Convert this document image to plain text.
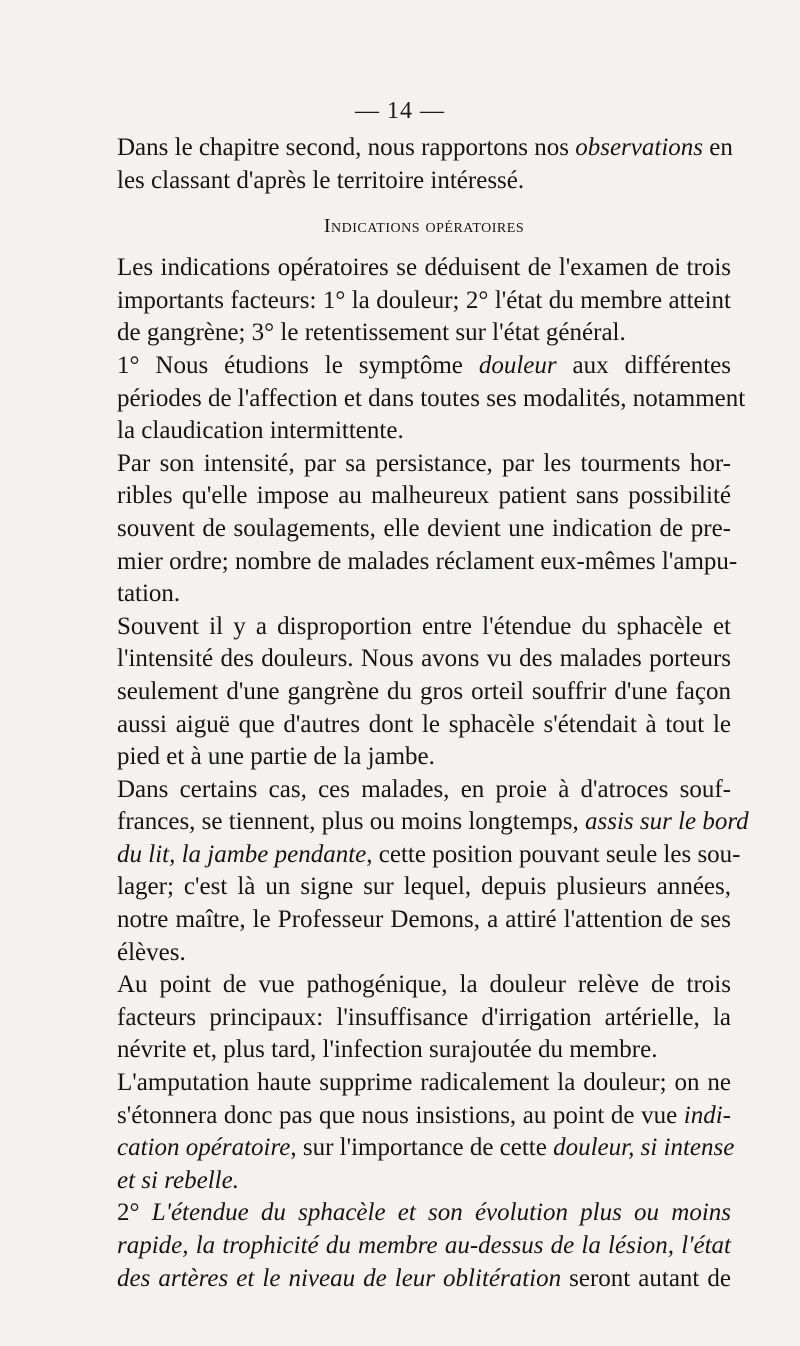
— 14 —

Dans le chapitre second, nous rapportons nos observations en
les classant d'après le territoire intéressé.

Indications opératoires

Les indications opératoires se déduisent de l'examen de trois
importants facteurs: 1° la douleur; 2° l'état du membre atteint
de gangrène; 3° le retentissement sur l'état général.

1° Nous étudions le symptôme douleur aux différentes
périodes de l'affection et dans toutes ses modalités, notamment
la claudication intermittente.

Par son intensité, par sa persistance, par les tourments hor-
ribles qu'elle impose au malheureux patient sans possibilité
souvent de soulagements, elle devient une indication de pre-
mier ordre; nombre de malades réclament eux-mêmes l'ampu-
tation.

Souvent il y a disproportion entre l'étendue du sphacèle et
l'intensité des douleurs. Nous avons vu des malades porteurs
seulement d'une gangrène du gros orteil souffrir d'une façon
aussi aiguë que d'autres dont le sphacèle s'étendait à tout le
pied et à une partie de la jambe.

Dans certains cas, ces malades, en proie à d'atroces souf-
frances, se tiennent, plus ou moins longtemps, assis sur le bord
du lit, la jambe pendante, cette position pouvant seule les sou-
lager; c'est là un signe sur lequel, depuis plusieurs années,
notre maître, le Professeur Demons, a attiré l'attention de ses
élèves.

Au point de vue pathogénique, la douleur relève de trois
facteurs principaux: l'insuffisance d'irrigation artérielle, la
névrite et, plus tard, l'infection surajoutée du membre.

L'amputation haute supprime radicalement la douleur; on ne
s'étonnera donc pas que nous insistions, au point de vue indi-
cation opératoire, sur l'importance de cette douleur, si intense
et si rebelle.

2° L'étendue du sphacèle et son évolution plus ou moins
rapide, la trophicité du membre au-dessus de la lésion, l'état
des artères et le niveau de leur oblitération seront autant de
